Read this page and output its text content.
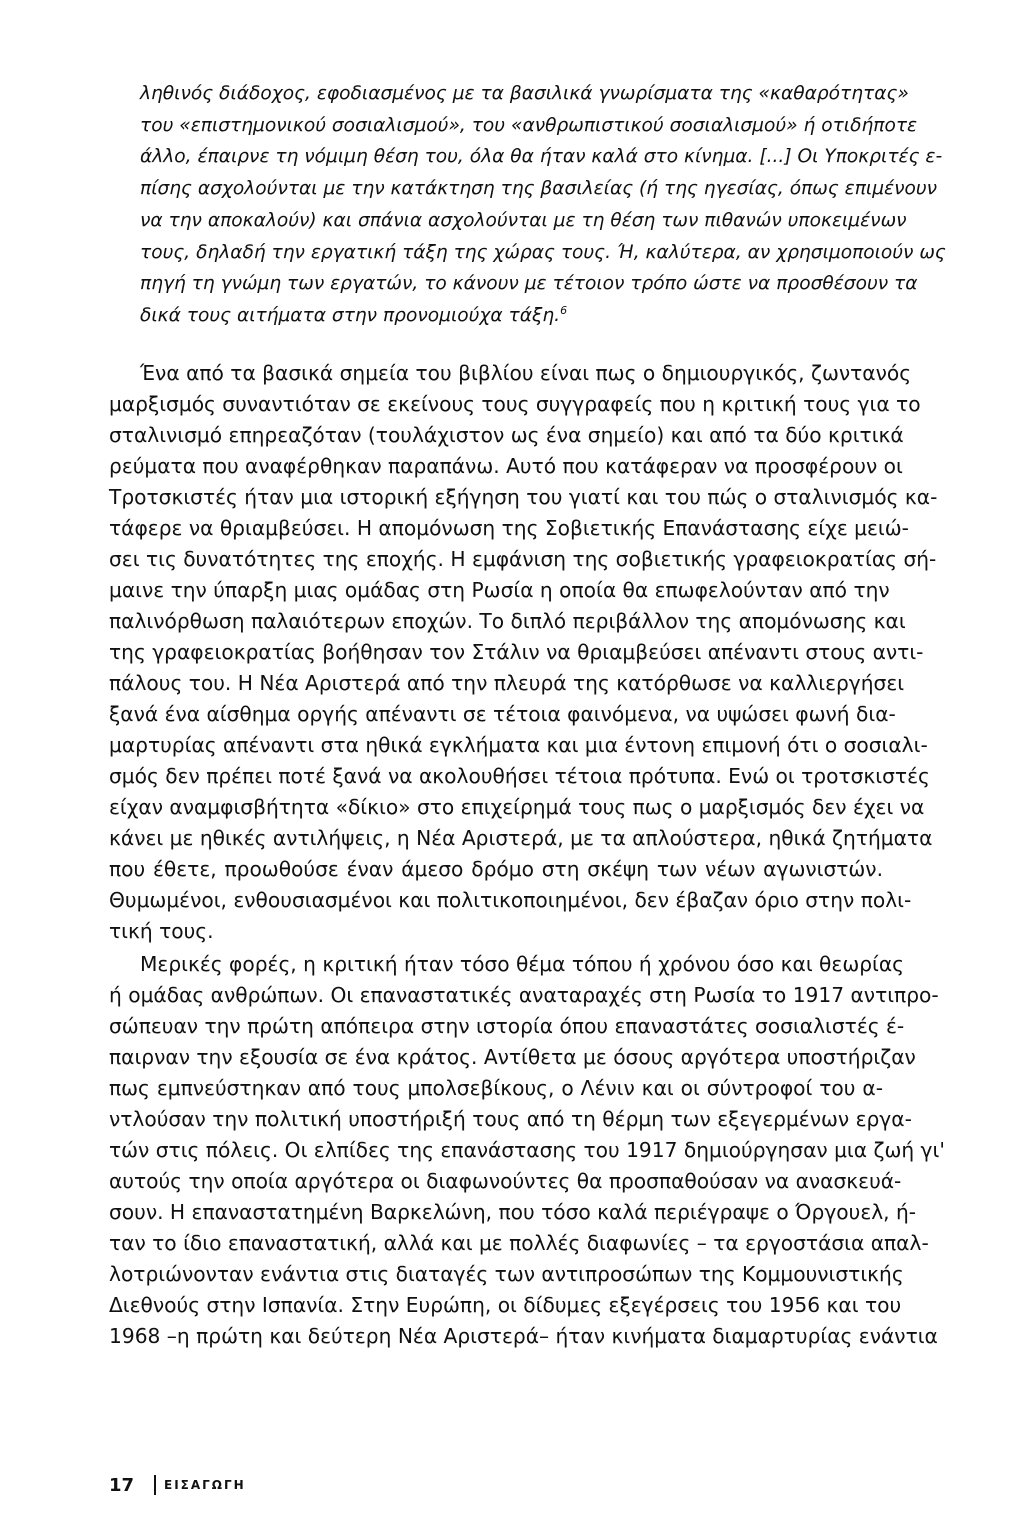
ληθινός διάδοχος, εφοδιασμένος με τα βασιλικά γνωρίσματα της «καθαρότητας»
του «επιστημονικού σοσιαλισμού», του «ανθρωπιστικού σοσιαλισμού» ή οτιδήποτε
άλλο, έπαιρνε τη νόμιμη θέση του, όλα θα ήταν καλά στο κίνημα. [...] Οι Υποκριτές ε-
πίσης ασχολούνται με την κατάκτηση της βασιλείας (ή της ηγεσίας, όπως επιμένουν
να την αποκαλούν) και σπάνια ασχολούνται με τη θέση των πιθανών υποκειμένων
τους, δηλαδή την εργατική τάξη της χώρας τους. Ή, καλύτερα, αν χρησιμοποιούν ως
πηγή τη γνώμη των εργατών, το κάνουν με τέτοιον τρόπο ώστε να προσθέσουν τα
δικά τους αιτήματα στην προνομιούχα τάξη.$^6$
Ένα από τα βασικά σημεία του βιβλίου είναι πως ο δημιουργικός, ζωντανός
μαρξισμός συναντιόταν σε εκείνους τους συγγραφείς που η κριτική τους για το
σταλινισμό επηρεαζόταν (τουλάχιστον ως ένα σημείο) και από τα δύο κριτικά
ρεύματα που αναφέρθηκαν παραπάνω. Αυτό που κατάφεραν να προσφέρουν οι
Τροτσκιστές ήταν μια ιστορική εξήγηση του γιατί και του πώς ο σταλινισμός κα-
τάφερε να θριαμβεύσει. Η απομόνωση της Σοβιετικής Επανάστασης είχε μειώ-
σει τις δυνατότητες της εποχής. Η εμφάνιση της σοβιετικής γραφειοκρατίας σή-
μαινε την ύπαρξη μιας ομάδας στη Ρωσία η οποία θα επωφελούνταν από την
παλινόρθωση παλαιότερων εποχών. Το διπλό περιβάλλον της απομόνωσης και
της γραφειοκρατίας βοήθησαν τον Στάλιν να θριαμβεύσει απέναντι στους αντι-
πάλους του. Η Νέα Αριστερά από την πλευρά της κατόρθωσε να καλλιεργήσει
ξανά ένα αίσθημα οργής απέναντι σε τέτοια φαινόμενα, να υψώσει φωνή δια-
μαρτυρίας απέναντι στα ηθικά εγκλήματα και μια έντονη επιμονή ότι ο σοσιαλι-
σμός δεν πρέπει ποτέ ξανά να ακολουθήσει τέτοια πρότυπα. Ενώ οι τροτσκιστές
είχαν αναμφισβήτητα «δίκιο» στο επιχείρημά τους πως ο μαρξισμός δεν έχει να
κάνει με ηθικές αντιλήψεις, η Νέα Αριστερά, με τα απλούστερα, ηθικά ζητήματα
που έθετε, προωθούσε έναν άμεσο δρόμο στη σκέψη των νέων αγωνιστών.
Θυμωμένοι, ενθουσιασμένοι και πολιτικοποιημένοι, δεν έβαζαν όριο στην πολι-
τική τους.
Μερικές φορές, η κριτική ήταν τόσο θέμα τόπου ή χρόνου όσο και θεωρίας
ή ομάδας ανθρώπων. Οι επαναστατικές αναταραχές στη Ρωσία το 1917 αντιπρο-
σώπευαν την πρώτη απόπειρα στην ιστορία όπου επαναστάτες σοσιαλιστές έ-
παιρναν την εξουσία σε ένα κράτος. Αντίθετα με όσους αργότερα υποστήριζαν
πως εμπνεύστηκαν από τους μπολσεβίκους, ο Λένιν και οι σύντροφοί του α-
ντλούσαν την πολιτική υποστήριξή τους από τη θέρμη των εξεγερμένων εργα-
τών στις πόλεις. Οι ελπίδες της επανάστασης του 1917 δημιούργησαν μια ζωή γι'
αυτούς την οποία αργότερα οι διαφωνούντες θα προσπαθούσαν να ανασκευά-
σουν. Η επαναστατημένη Βαρκελώνη, που τόσο καλά περιέγραψε ο Όργουελ, ή-
ταν το ίδιο επαναστατική, αλλά και με πολλές διαφωνίες – τα εργοστάσια απαλ-
λοτριώνονταν ενάντια στις διαταγές των αντιπροσώπων της Κομμουνιστικής
Διεθνούς στην Ισπανία. Στην Ευρώπη, οι δίδυμες εξεγέρσεις του 1956 και του
1968 –η πρώτη και δεύτερη Νέα Αριστερά– ήταν κινήματα διαμαρτυρίας ενάντια
17	ΕΙΣΑΓΩΓΗ
